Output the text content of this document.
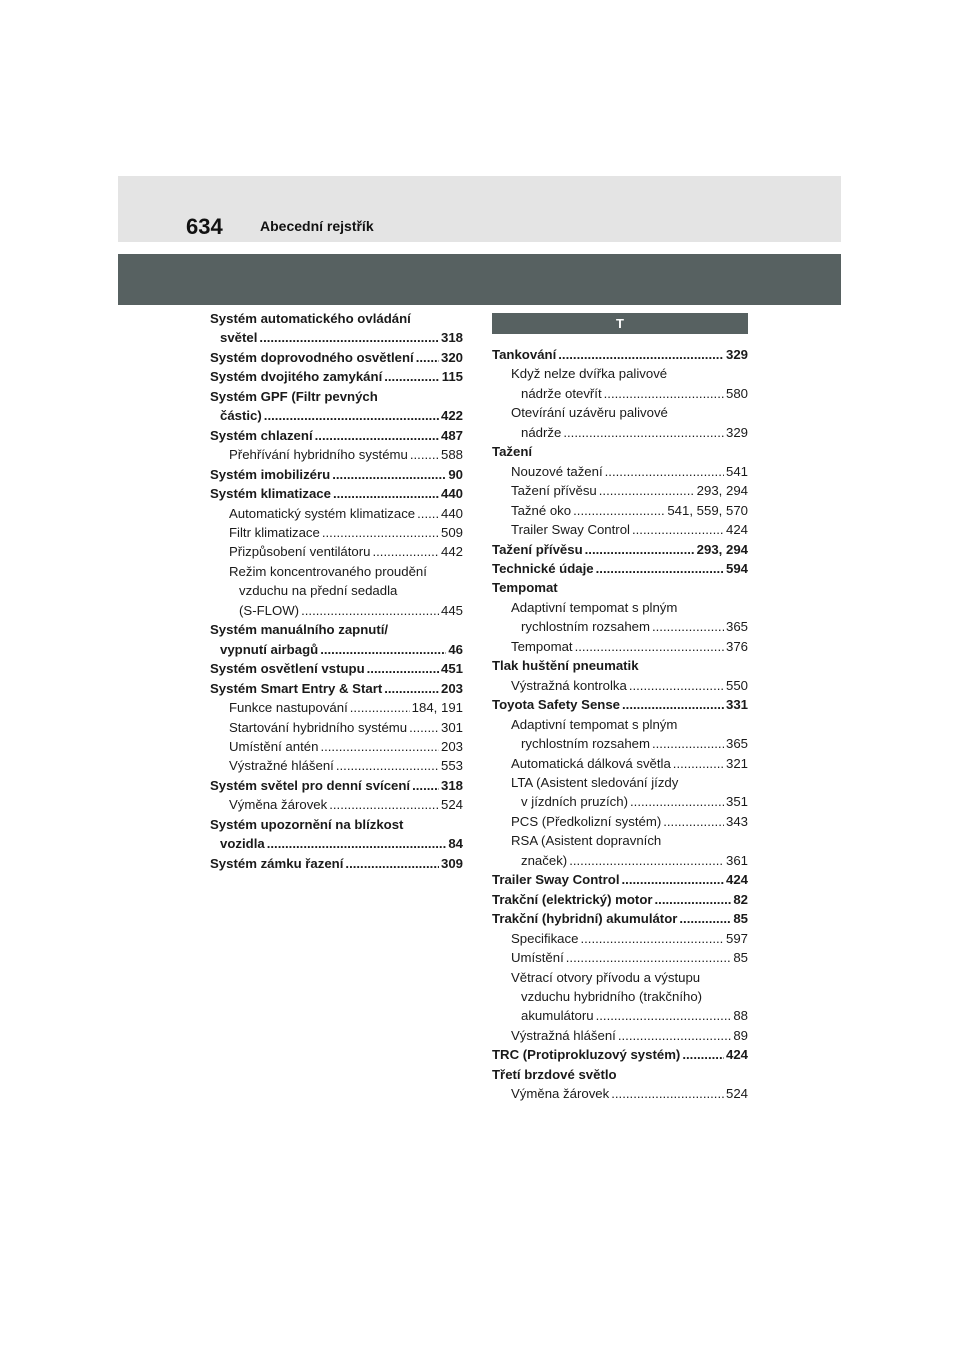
634	Abecední rejstřík
Systém automatického ovládání
světel .....	318
Systém doprovodného osvětlení ..... 320
Systém dvojitého zamykání .....	115
Systém GPF (Filtr pevných
částic) .....	422
Systém chlazení .....	487
Přehřívání hybridního systému .....	588
Systém imobilizéru .....	90
Systém klimatizace .....	440
Automatický systém klimatizace ..... 440
Filtr klimatizace .....	509
Přizpůsobení ventilátoru .....	442
Režim koncentrovaného proudění
vzduchu na přední sedadla
(S-FLOW) .....	445
Systém manuálního zapnutí/
vypnutí airbagů .....	46
Systém osvětlení vstupu .....	451
Systém Smart Entry & Start .....	203
Funkce nastupování .....	184, 191
Startování hybridního systému .....	301
Umístění antén .....	203
Výstražné hlášení .....	553
Systém světel pro denní svícení ..... 318
Výměna žárovek .....	524
Systém upozornění na blízkost
vozidla .....	84
Systém zámku řazení .....	309
T
Tankování .....	329
Když nelze dvířka palivové
nádrže otevřít .....	580
Otevírání uzávěru palivové
nádrže .....	329
Tažení
Nouzové tažení .....	541
Tažení přívěsu .....	293, 294
Tažné oko .....	541, 559, 570
Trailer Sway Control .....	424
Tažení přívěsu .....	293, 294
Technické údaje .....	594
Tempomat
Adaptivní tempomat s plným
rychlostním rozsahem .....	365
Tempomat .....	376
Tlak huštění pneumatik
Výstražná kontrolka .....	550
Toyota Safety Sense .....	331
Adaptivní tempomat s plným
rychlostním rozsahem .....	365
Automatická dálková světla .....	321
LTA (Asistent sledování jízdy
v jízdních pruzích) .....	351
PCS (Předkolizní systém) .....	343
RSA (Asistent dopravních
značek) .....	361
Trailer Sway Control .....	424
Trakční (elektrický) motor .....	82
Trakční (hybridní) akumulátor .....	85
Specifikace .....	597
Umístění .....	85
Větrací otvory přívodu a výstupu
vzduchu hybridního (trakčního)
akumulátoru .....	88
Výstražná hlášení .....	89
TRC (Protiprokluzový systém) .....	424
Třetí brzdové světlo
Výměna žárovek .....	524
